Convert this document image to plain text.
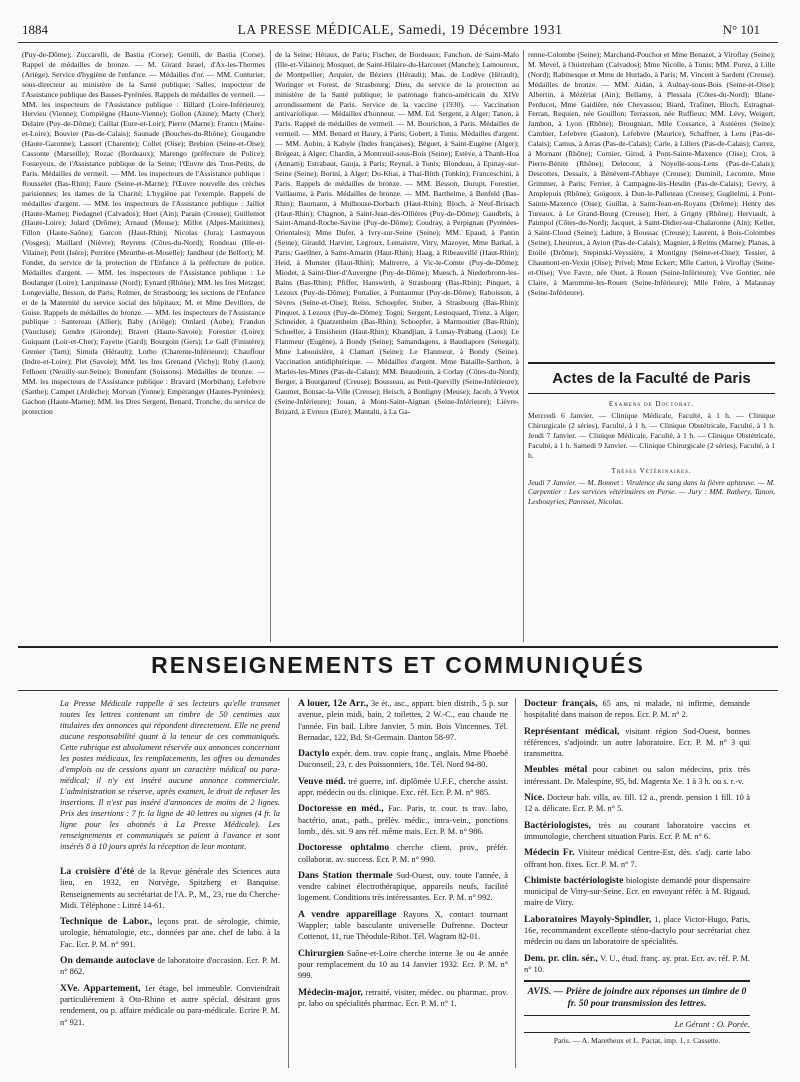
1884	LA PRESSE MÉDICALE, Samedi, 19 Décembre 1931	N° 101

(Puy-de-Dôme); Zuccarelli, de Bastia (Corse); Gentili, de Bastia (Corse). Rappel de médailles de bronze. — M. Girard Israel, d'Ax-les-Thermes (Ariège). Service d'hygiène de l'enfance. — Médailles d'or. — MM. Conturier, sous-directeur au ministère de la Santé publique; Salles, inspecteur de l'Assistance publique des Basses-Pyrénées. Rappels de médailles de vermeil. — MM. les inspecteurs de l'Assistance publique : Billard (Loire-Inférieure); Hervieu (Vienne); Compiègne (Haute-Vienne); Gollon (Aisne); Marty (Cher); Delatre (Puy-de-Dôme); Caillat (Eure-et-Loir); Pierre (Marne); Franco (Maine-et-Loire); Bouvier (Pas-de-Calais); Saunade (Bouches-du-Rhône); Gougandre (Haute-Garonne); Lassort (Charente); Collet (Oise); Brebion (Seine-et-Oise); Cassonte (Marseille); Rozac (Bordeaux); Marengo (préfecture de Police); Fosseyeux, de l'Assistance publique de la Seine; l'Œuvre des Tout-Petits, de Paris. Médailles de vermeil. — MM. les inspecteurs de l'Assistance publique : Rousselet (Bas-Rhin); Faure (Seine-et-Marne); l'Œuvre nouvelle des crèches parisiennes; les dames de la Charité; L'hygiène par l'exemple. Rappels de médailles d'argent. — MM. les inspecteurs de l'Assistance publique : Jaillot (Haute-Marne); Piedagnel (Calvados); Huet (Ain); Parain (Creuse); Guillemot (Haute-Loire); Jolard (Drôme); Arnaud (Meuse); Millot (Alpes-Maritimes); Fillon (Haute-Saône); Garcon (Haut-Rhin); Nicolas (Jura); Lasmayous (Vosges); Maillard (Nièvre); Reyrens (Côtes-du-Nord); Rondeau (Ille-et-Vilaine); Petit (Isère); Perrière (Meurthe-et-Moselle); Jandheur (de Belfort); M. Fondet, du service de la protection de l'Enfance à la préfecture de police. Médailles d'argent. — MM. les inspecteurs de l'Assistance publique : Le Boulanger (Loire); Larquinasse (Nord); Eynard (Rhône); MM. les Ires Metzger, Longevialle, Besson, de Paris; Rolmer, de Strasbourg; les sections de l'Enfance et de la Maternité du service social des hôpitaux; M. et Mme Devillers, de Guise. Rappels de médailles de bronze. — MM. les inspecteurs de l'Assistance publique : Santereau (Allier); Baby (Ariège); Omlard (Aube); Frandon (Vaucluse); Gendre (Gironde); Bravet (Haute-Savoie); Forestier (Loire); Guiquant (Loir-et-Cher); Fayette (Gard); Bourgoin (Gers); Le Gall (Finistère); Grenier (Tarn); Simula (Hérault); Lorho (Charente-Inférieure); Chauffour (Indre-et-Loire); Plet (Savoie); MM. les Ires Grenand (Vichy); Ruby (Laon); Felhoen (Neuilly-sur-Seine); Bonenfant (Soissons). Médailles de bronze. — MM. les inspecteurs de l'Assistance publique : Bravard (Morbihan); Lefebvre (Sarthe); Campet (Ardèche); Morvan (Yonne); Empéranger (Hautes-Pyrénées); Gachon (Haute-Marne); MM. les Dres Sergent, Benard, Tronche, du service de protection

de la Seine; Héraux, de Paris; Fischer, de Bordeaux; Fanchon, de Saint-Malo (Ille-et-Vilaine); Mosquet, de Saint-Hilaire-du-Harcouet (Manche); Lamoureux, de Montpellier; Arquier, de Béziers (Hérault); Mas, de Lodève (Hérault); Woringer et Forest, de Strasbourg; Dieu, du service de la protection au ministère de la Santé publique; le patronage franco-américain du XIVe arrondissement de Paris. Service de la vaccine (1930). — Vaccination antivariolique. — Médailles d'honneur. — MM. Ed. Sergent, à Alger; Tanon, à Paris. Rappel de médailles de vermeil. — M. Bourichon, à Paris. Médailles de vermeil. — MM. Benard et Haury, à Paris; Gobert, à Tunis. Médailles d'argent. — MM. Aubin, à Kabyle (Indes françaises); Béguet, à Saint-Eugène (Alger); Brégeat, à Alger; Chardin, à Montreuil-sous-Bois (Seine); Estève, à Thanh-Hoa (Annam); Estrabaut, Gauja, à Paris; Reynal, à Tunis; Blondeau, à Epinay-sur-Seine (Seine); Borini, à Alger; Do-Khai, à Thai-Binh (Tonkin); Franceschini, à Paris. Rappels de médailles de bronze. — MM. Besson, Durupt, Forestier, Vaillaume, à Paris. Médailles de bronze. — MM. Barthelme, à Benfeld (Bas-Rhin); Baumann, à Mulhouse-Dorbach (Haut-Rhin); Bloch, à Neuf-Brisach (Haut-Rhin); Chagnon, à Saint-Jean-des-Ollières (Puy-de-Dôme); Gaudbris, à Saint-Amand-Roche-Savine (Puy-de-Dôme); Coudray, à Perpignan (Pyrénées-Orientales); Mme Dufer, à Ivry-sur-Seine (Seine); MM. Epaud, à Pantin (Seine); Girauld, Harvier, Legroux, Lemaistre, Vitry, Mazoyer, Mme Barkaï, à Paris; Gaellner, à Saint-Amarin (Haut-Rhin); Haag, à Ribeauvillé (Haut-Rhin); Heid, à Munster (Haut-Rhin); Maltrerre, à Vic-le-Comte (Puy-de-Dôme); Miodet, à Saint-Dier-d'Auvergne (Puy-de-Dôme); Muesch, à Niederbronn-les-Bains (Bas-Rhin); Pfiffer, Hanswirth, à Strasbourg (Bas-Rhin); Pinquet, à Lezoux (Puy-de-Dôme); Portalier, à Pontaumur (Puy-de-Dôme); Raboisson, à Sèvres (Seine-et-Oise); Reiss, Schoepfer, Stuber, à Strasbourg (Bas-Rhin); Pinquet, à Lezoux (Puy-de-Dôme); Togni; Sergent, Lestoquard, Trenz, à Alger; Schneider, à Quatzenheim (Bas-Rhin); Schoepfer, à Marmoutier (Bas-Rhin); Schueller, à Ensisheim (Haut-Rhin); Khandjian, à Lunay-Prabang (Laos); Le Flanmeur (Eugène), à Bondy (Seine); Samandagens, à Baudiapore (Senegal); Mme Labouisière, à Clamart (Seine); Le Flanmeur, à Bondy (Seine). Vaccination antidiphtérique. — Médailles d'argent. Mme Bataille-Sarthon, à Marles-les-Mines (Pas-de-Calais); MM. Beaudouin, à Corlay (Côtes-du-Nord); Berger, à Bourganeuf (Creuse); Bousseau, au Petit-Quevilly (Seine-Inférieure); Gaumet, Bonsac-la-Ville (Creuse); Heisch, à Bonligny (Meuse); Jacob, à Yvetot (Seine-Inférieure); Jouan, à Mont-Saint-Aignan (Seine-Inférieure); Lièvre-Brizard, à Evreux (Eure); Mantalti, à La Ga-

renne-Colombe (Seine); Marchand-Pouchot et Mme Benazet, à Viroflay (Seine); M. Mevel, à Ouistreham (Calvados); Mme Nicolle, à Tunis; MM. Porez, à Lille (Nord); Rabinesque et Mme de Hurtado, à Paris; M. Vincent à Sardent (Creuse). Médailles de bronze. — MM. Aidan, à Aulnay-sous-Bois (Seine-et-Oise); Albertin, à Mézériat (Ain); Bellamy, à Plessala (Côtes-du-Nord); Blane-Perducet, Mme Gaidière, née Chevassou; Biard, Trafinet, Bloch, Estragnat-Ferran, Requien, née Gouillon; Terrasson, née Ruffieux; MM. Lévy, Weigert, Jambon, à Lyon (Rhône); Brougniart, Mlle Cossance, à Asnières (Seine); Cambier, Lefebvre (Gaston), Lefebvre (Maurice), Schaffner, à Lens (Pas-de-Calais); Camus, à Arras (Pas-de-Calais); Carle, à Lillers (Pas-de-Calais); Carrez, à Mornant (Rhône); Cornier, Girod, à Pont-Sainte-Maxence (Oise); Cros, à Pierre-Bénite (Rhône); Delecour, à Noyelle-sous-Lens (Pas-de-Calais); Descottes, Dessaix, à Bénévent-l'Abbaye (Creuse); Duminil, Lecomte, Mme Grimmer, à Paris; Ferrier, à Campagne-lès-Hesdin (Pas-de-Calais); Gevry, à Amplepuis (Rhône); Goigoux, à Dun-le-Palleteau (Creuse); Guglielmi, à Pont-Sainte-Maxence (Oise); Guillat, à Saint-Jean-en-Royans (Drôme); Henry des Tureaux, à Le Grand-Bourg (Creuse); Herr, à Grigny (Rhône); Herviault, à Paimpol (Côtes-du-Nord); Jacquet, à Saint-Didier-sur-Chalaronne (Ain); Keller, à Saint-Cloud (Seine); Ladure, à Boussac (Creuse); Laurent, à Bois-Colombes (Seine); Lheureux, à Avion (Pas-de-Calais); Magnier, à Reims (Marne); Planas, à Etoile (Drôme); Stepinski-Veyssière, à Montigny (Seine-et-Oise); Tessier, à Chaumont-en-Vexin (Oise); Privel; Mme Eckert; Mlle Carton, à Viroflay (Seine-et-Oise); Vve Favre, née Ouet, à Rouen (Seine-Inférieure); Vve Gontier, née Claire, à Maromme-les-Rouen (Seine-Inférieure); Mlle Frère, à Malaunay (Seine-Inférieure).

Actes de la Faculté de Paris
Examens de Doctorat.
Mercredi 6 Janvier. — Clinique Médicale, Faculté, à 1 h. — Clinique Chirurgicale (2 séries), Faculté, à 1 h. — Clinique Obstétricale, Faculté, à 1 h. Jeudi 7 Janvier. — Clinique Médicale, Faculté, à 1 h. — Clinique Obstétricale, Faculté, à 1 h. Samedi 9 Janvier. — Clinique Chirurgicale (2 séries), Faculté, à 1 h.
Thèses Vétérinaires.
Jeudi 7 Janvier. — M. Bonnet : Virulence du sang dans la fièvre aphteuse. — M. Carpentier : Les services vétérinaires en Perse. — Jury : MM. Rathery, Tanon, Lesbouyries, Panisset, Nicolas.
RENSEIGNEMENTS ET COMMUNIQUÉS

La Presse Médicale rappelle à ses lecteurs qu'elle transmet toutes les lettres contenant un timbre de 50 centimes aux titulaires des annonces qui répondent directement. Elle ne prend aucune responsabilité quant à la teneur de ces communiqués. Cette rubrique est absolument réservée aux annonces concernant les postes médicaux, les remplacements, les offres ou demandes d'emplois ou de cessions ayant un caractère médical ou para-médical; il n'y est inséré aucune annonce commerciale. L'administration se réserve, après examen, le droit de refuser les insertions. Il n'est pas inséré d'annonces de moins de 2 lignes. Prix des insertions : 7 fr. la ligne de 40 lettres ou signes (4 fr. la ligne pour les abonnés à La Presse Médicale). Les renseignements et communiqués se paient à l'avance et sont insérés 8 à 10 jours après la réception de leur montant.

La croisière d'été de la Revue générale des Sciences aura lieu, en 1932, en Norvège, Spitzberg et Banquise. Renseignements au secrétariat de l'A. P., M., 23, rue du Cherche-Midi. Téléphone : Littré 14-61.

Technique de Labor., leçons prat. de sérologie, chimie, urologie, hématologie, etc., données par ane. chef de labo. à la Fac. Ecr. P. M. n° 991.

On demande autoclave de laboratoire d'occasion. Ecr. P. M. n° 862.

XVe. Appartement, 1er étage, bel immeuble. Conviendrait particulièrement à Oto-Rhino et autre spécial. désirant gros rendement, ou p. affaire médicale ou para-médicale. Ecrire P. M. n° 921.

A louer, 12e Arr., 3e ét., asc., appart. bien distrib., 5 p. sur avenue, plein midi, bain, 2 toilettes, 2 W.-C., eau chaude tte l'année. Fin bail. Libre Janvier, 5 min. Bois Vincennes. Tél. Bernadac, 122, Bd. St-Germain. Danton 58-97.

Dactylo expér. dem. trav. copie franç., anglais. Mme Phoebé Duconseil, 23, r. des Poissonniers, 18e. Tél. Nord 94-80.

Veuve méd. tré guerre, inf. diplômée U.F.F., cherche assist. appr. médecin ou ds. clinique. Exc. réf. Ecr. P. M. n° 985.

Doctoresse en méd., Fac. Paris, tr. cour. ts trav. labo, bactério, anat., path., prélèv. médic., intra-vein., ponctions lomb., dés. sit. 9 ans réf. même mais. Ecr. P. M. n° 986.

Doctoresse ophtalmo cherche client. prov., préfér. collaborat. av. success. Ecr. P. M. n° 990.

Dans Station thermale Sud-Ouest, ouv. toute l'année, à vendre cabinet électrothérapique, appareils neufs, facilité logement. Conditions très intéressantes. Ecr. P. M. n° 992.

A vendre appareillage Rayons X, contact tournant Wappler; table basculante universelle Dufrenne. Docteur Cottenot, 11, rue Théodule-Ribot. Tél. Wagram 82-01.

Chirurgien Saône-et-Loire cherche interne 3e ou 4e année pour remplacement du 10 au 14 Janvier 1932. Ecr. P. M. n° 999.

Médecin-major, retraité, visiter, médec. ou pharmac. prov. pr. labo ou spécialités pharmac. Ecr. P. M. n° 1.

Docteur français, 65 ans, ni malade, ni infirme, demande hospitalité dans maison de repos. Ecr. P. M. n° 2.

Représentant médical, visitant région Sud-Ouest, bonnes références, s'adjoindr. un autre laboratoire. Ecr. P. M. n° 3 qui transmettra.

Meubles métal pour cabinet ou salon médecins, prix très intéressant. Dr. Malespine, 95, bd. Magenta Xe. 1 à 3 h. ou s. r.-v.

Nice. Docteur hab. villa, av. fill. 12 a., prendr. pension 1 fill. 10 à 12 a. délicate. Ecr. P. M. n° 5.

Bactériologistes, très au courant laboratoire vaccins et immunologie, cherchent situation Paris. Ecr. P. M. n° 6.

Médecin Fr. Visiteur médical Centre-Est, dés. s'adj. carte labo offrant hon. fixes. Ecr. P. M. n° 7.

Chimiste bactériologiste biologiste demandé pour dispensaire municipal de Vitry-sur-Seine. Ecr. en envoyant référ. à M. Rigaud, maire de Vitry.

Laboratoires Mayoly-Spindler, 1, place Victor-Hugo, Paris, 16e, recommandent excellente sténo-dactylo pour secrétariat chez médecin ou dans un laboratoire de spécialités.

Dem. pr. clin. sér., V. U., étud. franç. ay. prat. Ecr. av. réf. P. M. n° 10.

AVIS. — Prière de joindre aux réponses un timbre de 0 fr. 50 pour transmission des lettres.

Le Gérant : O. Porée.

Paris. — A. Maretheux et L. Pactat, imp. 1, r. Cassette.
